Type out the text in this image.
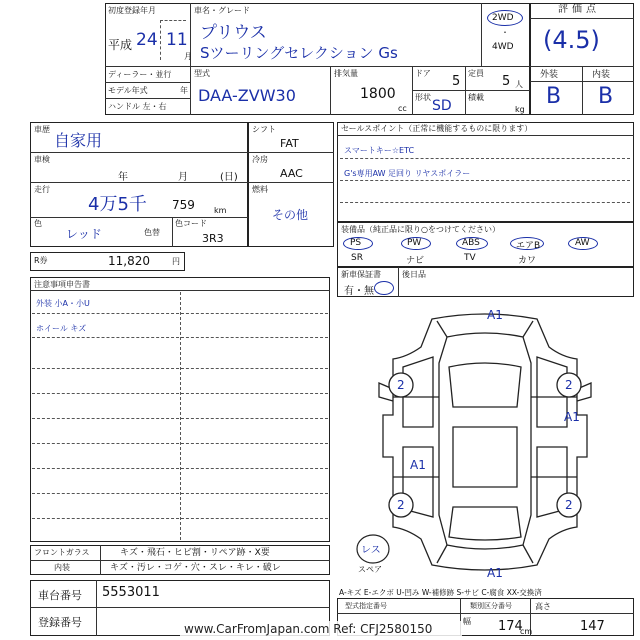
初度登録年月
平成 24 11
月
車名・グレード
プリウス
Sツーリングセレクション Gs
2WD
・
4WD
ディーラー・並行
モデル年式	年
ハンドル 左・右
型式
DAA-ZVW30
排気量
1800
cc
ドア
5
定員
5 人
形状
SD
積載
kg
評価点
(4.5)
外装	内装
B B
車歴
自家用
車検
年	月	(日)
走行
4万5千 759 km
色
レッド	色替
色コード
3R3
R券	11,820	円
シフト
FAT
冷房
AAC
燃料
その他
セールスポイント（正常に機能するものに限ります）
スマートキー☆ETC
G's専用AW 足回り リヤスポイラー
装備品（純正品に限り○をつけてください）
PS	PW	ABS	エアB	AW
SR	ナビ	TV	カワ
新車保証書
有・無
後日品
注意事項申告書
外装 小A・小U
ホイール キズ
A1
2	2
A1
A1
2	2
A1
レス
スペア
フロントガラス	キズ・飛石・ヒビ割・リペア跡・X要
内装	キズ・汚レ・コゲ・穴・スレ・キレ・破レ
A-キズ E-エクボ U-凹み W-補修跡 S-サビ C-腐食 XX-交換済
車台番号 5553011
登録番号
型式指定番号	類別区分番号
幅 174
cm
高さ
147
www.CarFromJapan.com Ref: CFJ2580150
